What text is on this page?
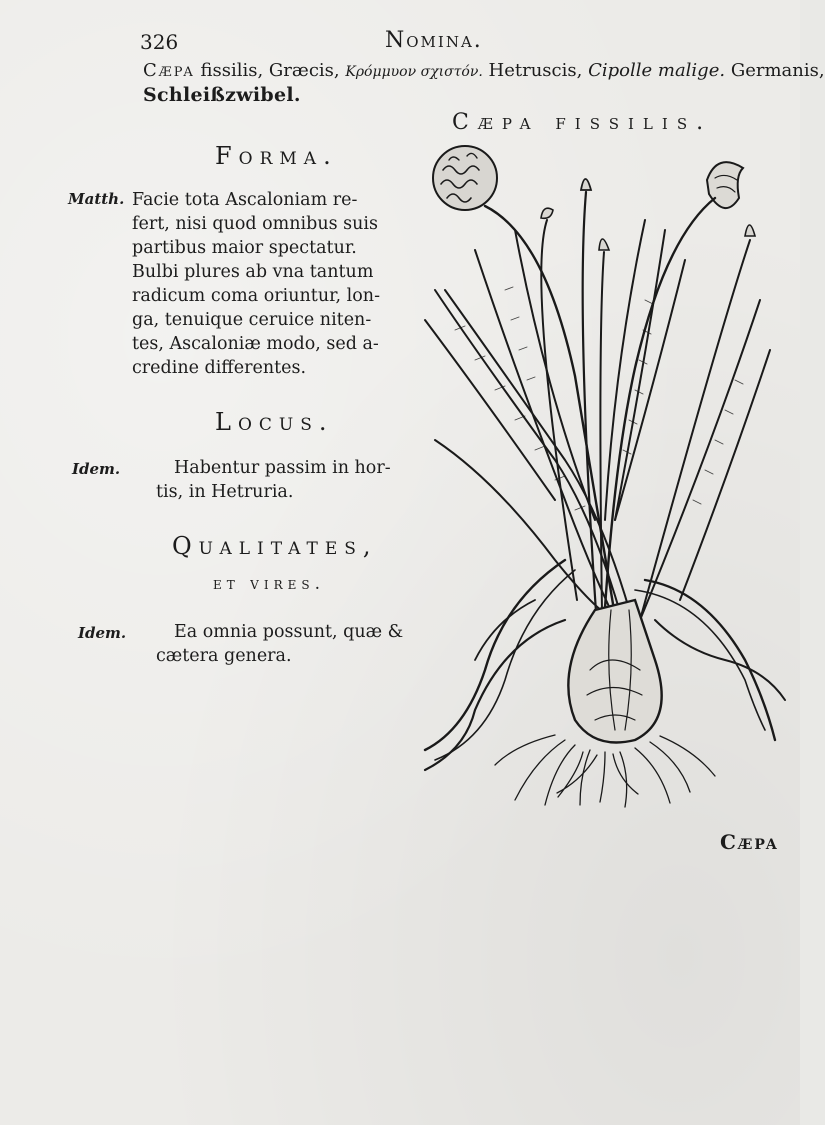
326	Nomina.
Cæpa fissilis, Græcis, Κρόμμυον σχιστόν. Hetruscis, Cipolle malige. Germanis,
Schleißzwibel.
Cæpa fissilis.
Forma.
Matth. Facie tota Ascaloniam re-
fert, nisi quod omnibus suis
partibus maior spectatur.
Bulbi plures ab vna tantum
radicum coma oriuntur, lon-
ga, tenuique ceruice niten-
tes, Ascaloniæ modo, sed a-
credine differentes.
Locus.
Idem.	Habentur passim in hor-
tis, in Hetruria.
Qualitates,
et vires.
Idem.	Ea omnia possunt, quæ &
cætera genera.
Cæpa
